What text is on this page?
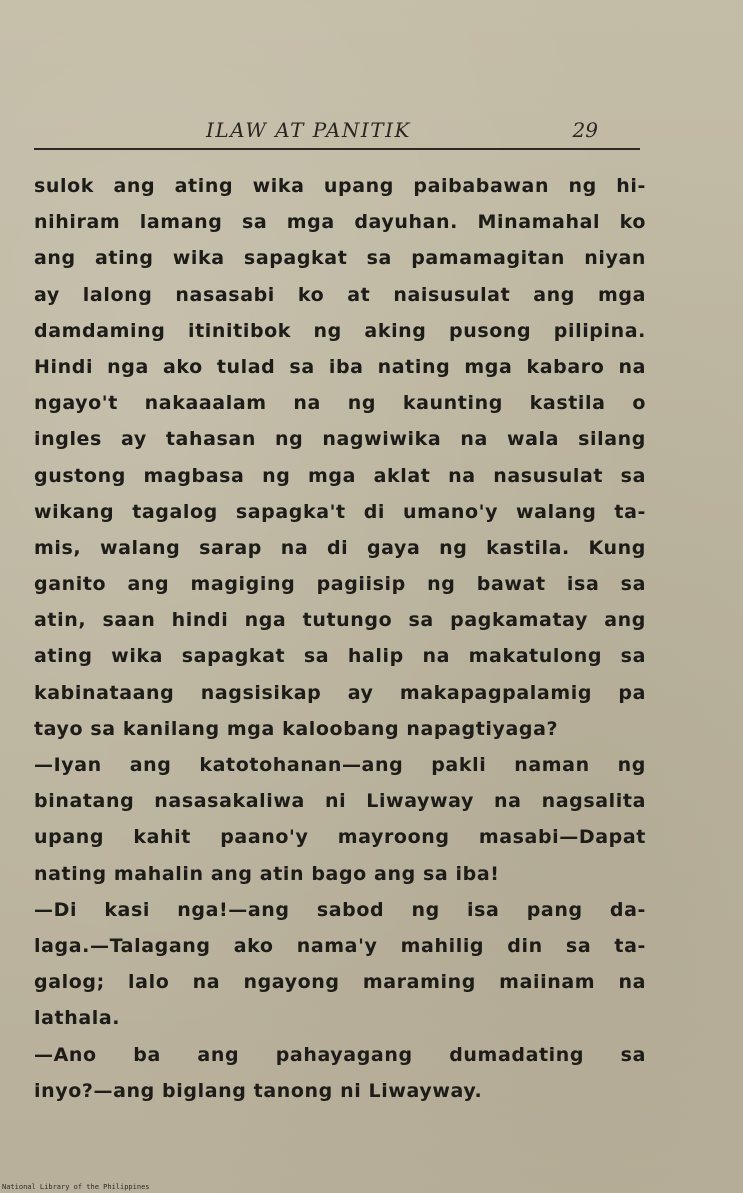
ILAW AT PANITIK	29
sulok ang ating wika upang paibabawan ng hi-
nihiram lamang sa mga dayuhan. Minamahal ko
ang ating wika sapagkat sa pamamagitan niyan
ay lalong nasasabi ko at naisusulat ang mga
damdaming itinitibok ng aking pusong pilipina.
Hindi nga ako tulad sa iba nating mga kabaro na
ngayo't nakaaalam na ng kaunting kastila o
ingles ay tahasan ng nagwiwika na wala silang
gustong magbasa ng mga aklat na nasusulat sa
wikang tagalog sapagka't di umano'y walang ta-
mis, walang sarap na di gaya ng kastila. Kung
ganito ang magiging pagiisip ng bawat isa sa
atin, saan hindi nga tutungo sa pagkamatay ang
ating wika sapagkat sa halip na makatulong sa
kabinataang nagsisikap ay makapagpalamig pa
tayo sa kanilang mga kaloobang napagtiyaga?
—Iyan ang katotohanan—ang pakli naman ng
binatang nasasakaliwa ni Liwayway na nagsalita
upang kahit paano'y mayroong masabi—Dapat
nating mahalin ang atin bago ang sa iba!
—Di kasi nga!—ang sabod ng isa pang da-
laga.—Talagang ako nama'y mahilig din sa ta-
galog; lalo na ngayong maraming maiinam na
lathala.
—Ano ba ang pahayagang dumadating sa
inyo?—ang biglang tanong ni Liwayway.
National Library of the Philippines
